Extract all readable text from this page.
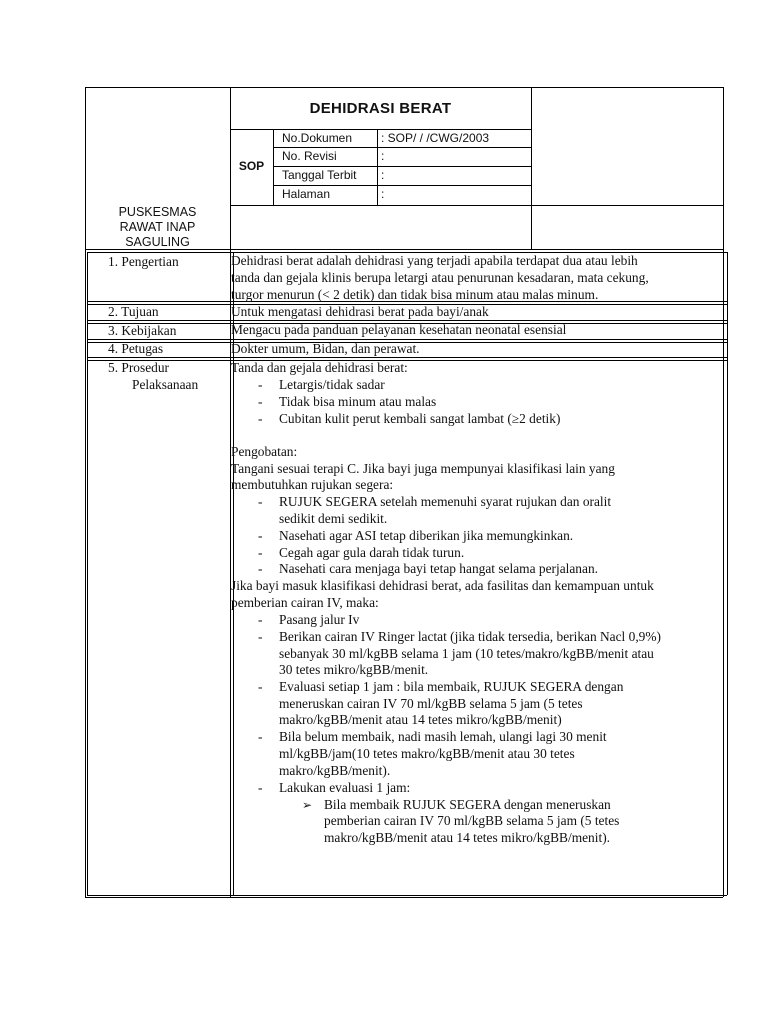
DEHIDRASI BERAT
SOP
No.Dokumen : SOP/ / /CWG/2003
No. Revisi	:
Tanggal Terbit :
Halaman	:
PUSKESMAS
RAWAT INAP
SAGULING
1. Pengertian
2. Tujuan
3. Kebijakan
4. Petugas
5. Prosedur
Pelaksanaan
Dehidrasi berat adalah dehidrasi yang terjadi apabila terdapat dua atau lebih
tanda dan gejala klinis berupa letargi atau penurunan kesadaran, mata cekung,
turgor menurun (< 2 detik) dan tidak bisa minum atau malas minum.
Untuk mengatasi dehidrasi berat pada bayi/anak
Mengacu pada panduan pelayanan kesehatan neonatal esensial
Dokter umum, Bidan, dan perawat.
Tanda dan gejala dehidrasi berat:
- Letargis/tidak sadar
- Tidak bisa minum atau malas
- Cubitan kulit perut kembali sangat lambat (≥2 detik)
Pengobatan:
Tangani sesuai terapi C. Jika bayi juga mempunyai klasifikasi lain yang
membutuhkan rujukan segera:
- RUJUK SEGERA setelah memenuhi syarat rujukan dan oralit
sedikit demi sedikit.
- Nasehati agar ASI tetap diberikan jika memungkinkan.
- Cegah agar gula darah tidak turun.
- Nasehati cara menjaga bayi tetap hangat selama perjalanan.
Jika bayi masuk klasifikasi dehidrasi berat, ada fasilitas dan kemampuan untuk
pemberian cairan IV, maka:
- Pasang jalur Iv
- Berikan cairan IV Ringer lactat (jika tidak tersedia, berikan Nacl 0,9%)
sebanyak 30 ml/kgBB selama 1 jam (10 tetes/makro/kgBB/menit atau
30 tetes mikro/kgBB/menit.
- Evaluasi setiap 1 jam : bila membaik, RUJUK SEGERA dengan
meneruskan cairan IV 70 ml/kgBB selama 5 jam (5 tetes
makro/kgBB/menit atau 14 tetes mikro/kgBB/menit)
- Bila belum membaik, nadi masih lemah, ulangi lagi 30 menit
ml/kgBB/jam(10 tetes makro/kgBB/menit atau 30 tetes
makro/kgBB/menit).
- Lakukan evaluasi 1 jam:
➢ Bila membaik RUJUK SEGERA dengan meneruskan
pemberian cairan IV 70 ml/kgBB selama 5 jam (5 tetes
makro/kgBB/menit atau 14 tetes mikro/kgBB/menit).
